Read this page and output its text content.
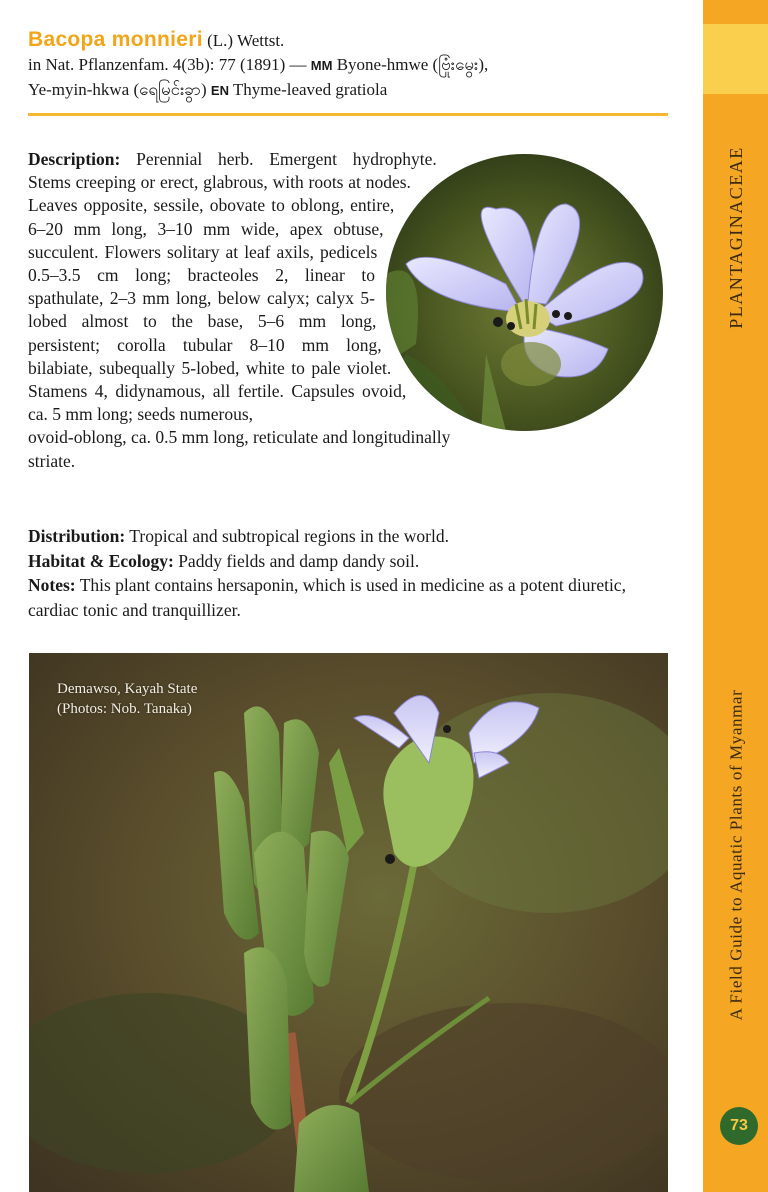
PLANTAGINACEAE
A Field Guide to Aquatic Plants of Myanmar
73
Bacopa monnieri (L.) Wettst.
in Nat. Pflanzenfam. 4(3b): 77 (1891) — MM Byone-hmwe (ဗြုံးမွေး),
Ye-myin-hkwa (ရေမြင်းခွာ) EN Thyme-leaved gratiola
Description: Perennial herb. Emergent hydrophyte. Stems creeping or erect, glabrous, with roots at nodes. Leaves opposite, sessile, obovate to oblong, entire, 6–20 mm long, 3–10 mm wide, apex obtuse, succulent. Flowers solitary at leaf axils, pedicels 0.5–3.5 cm long; bracteoles 2, linear to spathulate, 2–3 mm long, below calyx; calyx 5-lobed almost to the base, 5–6 mm long, persistent; corolla tubular 8–10 mm long, bilabiate, subequally 5-lobed, white to pale violet. Stamens 4, didynamous, all fertile. Capsules ovoid, ca. 5 mm long; seeds numerous,
ovoid-oblong, ca. 0.5 mm long, reticulate and longitudinally striate.

Distribution: Tropical and subtropical regions in the world.

Habitat & Ecology: Paddy fields and damp dandy soil.

Notes: This plant contains hersaponin, which is used in medicine as a potent diuretic, cardiac tonic and tranquillizer.

Demawso, Kayah State
(Photos: Nob. Tanaka)
